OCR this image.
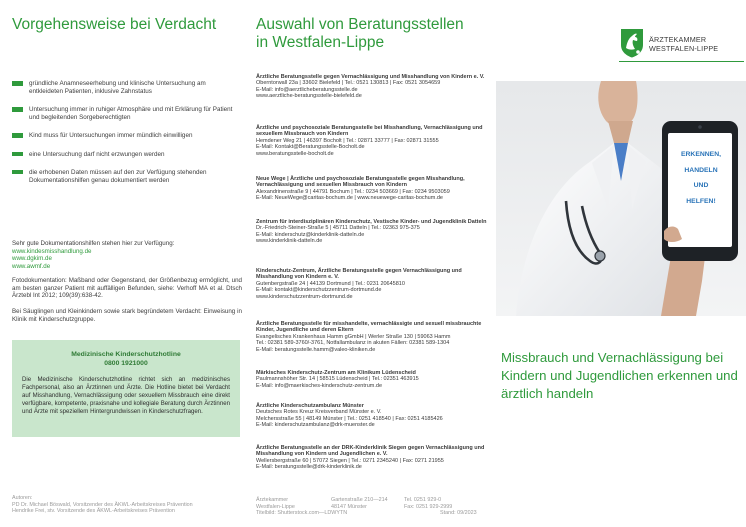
Vorgehensweise bei Verdacht
gründliche Anamneseerhebung und klinische Untersuchung am entkleideten Patienten, inklusive Zahnstatus
Untersuchung immer in ruhiger Atmosphäre und mit Erklärung für Patient und begleitenden Sorgeberechtigten
Kind muss für Untersuchungen immer mündlich einwilligen
eine Untersuchung darf nicht erzwungen werden
die erhobenen Daten müssen auf den zur Verfügung stehenden Dokumentationshilfen genau dokumentiert werden

Sehr gute Dokumentationshilfen stehen hier zur Verfügung:
www.kindesmisshandlung.de
www.dgkim.de
www.awmf.de

Fotodokumentation: Maßband oder Gegenstand, der Größenbezug ermöglicht, und am besten ganzer Patient mit auffälligen Befunden, siehe: Verhoff MA et al. Dtsch Ärztebl Int 2012; 109(39):638-42.

Bei Säuglingen und Kleinkindern sowie stark begründetem Verdacht: Einweisung in Klinik mit Kinderschutzgruppe.

Medizinische Kinderschutzhotline
0800 1921000
Die Medizinische Kinderschutzhotline richtet sich an medizinisches Fachpersonal, also an Ärztinnen und Ärzte. Die Hotline bietet bei Verdacht auf Misshandlung, Vernachlässigung oder sexuellem Missbrauch eine direkt verfügbare, kompetente, praxisnahe und kollegiale Beratung durch Ärztinnen und Ärzte mit speziellem Hintergrundwissen in Kinderschutzfragen.
Autoren:
PD Dr. Michael Böswald, Vorsitzender des ÄKWL-Arbeitskreises Prävention
Hendrike Frei, stv. Vorsitzende des ÄKWL-Arbeitskreises Prävention
Auswahl von Beratungsstellen
in Westfalen-Lippe
Ärztliche Beratungsstelle gegen Vernachlässigung und Misshandlung von Kindern e. V.
Oberntorwall 23a | 33602 Bielefeld | Tel.: 0521 130813 | Fax: 0521 3054659
E-Mail: info@aerztlicheberatungsstelle.de
www.aerztliche-beratungsstelle-bielefeld.de
Ärztliche und psychosoziale Beratungsstelle bei Misshandlung, Vernachlässigung und sexuellem Missbrauch von Kindern
Hemdener Weg 21 | 46397 Bocholt | Tel.: 02871 33777 | Fax: 02871 31555
E-Mail: Kontakt@Beratungsstelle-Bocholt.de
www.beratungsstelle-bocholt.de
Neue Wege | Ärztliche und psychosoziale Beratungsstelle gegen Misshandlung, Vernachlässigung und sexuellen Missbrauch von Kindern
Alexandrinenstraße 9 | 44791 Bochum | Tel.: 0234 503669 | Fax: 0234 9503059
E-Mail: NeueWege@caritas-bochum.de | www.neuewege-caritas-bochum.de
Zentrum für interdisziplinären Kinderschutz, Vestische Kinder- und Jugendklinik Datteln
Dr.-Friedrich-Steiner-Straße 5 | 45711 Datteln | Tel.: 02363 975-375
E-Mail: kinderschutz@kinderklinik-datteln.de
www.kinderklinik-datteln.de
Kinderschutz-Zentrum, Ärztliche Beratungsstelle gegen Vernachlässigung und Misshandlung von Kindern e. V.
Gutenbergstraße 24 | 44139 Dortmund | Tel.: 0231 20645810
E-Mail: kontakt@kinderschutzzentrum-dortmund.de
www.kinderschutzzentrum-dortmund.de
Ärztliche Beratungsstelle für misshandelte, vernachlässigte und sexuell missbrauchte Kinder, Jugendliche und deren Eltern
Evangelisches Krankenhaus Hamm gGmbH | Werler Straße 130 | 59063 Hamm
Tel.: 02381 589-3760/-3761, Notfallambulanz in akuten Fällen: 02381 589-1304
E-Mail: beratungsstelle.hamm@valeo-kliniken.de
Märkisches Kinderschutz-Zentrum am Klinikum Lüdenscheid
Paulmannshöher Str. 14 | 58515 Lüdenscheid | Tel.: 02351 463915
E-Mail: info@maerkisches-kinderschutz-zentrum.de
Ärztliche Kinderschutzambulanz Münster
Deutsches Rotes Kreuz Kreisverband Münster e. V.
Melchersstraße 55 | 48149 Münster | Tel.: 0251 418540 | Fax: 0251 4185426
E-Mail: kinderschutzambulanz@drk-muenster.de
Ärztliche Beratungsstelle an der DRK-Kinderklinik Siegen gegen Vernachlässigung und Misshandlung von Kindern und Jugendlichen e. V.
Wellersbergstraße 60 | 57072 Siegen | Tel.: 0271 2345240 | Fax: 0271 21955
E-Mail: beratungsstelle@drk-kinderklinik.de
Ärztekammer
Westfalen-Lippe
Titelbild: Shutterstock.com—LDWYTN
Gartenstraße 210—214
48147 Münster
Tel. 0251 929-0
Fax: 0251 929-2999
Stand: 09/2023
ÄRZTEKAMMER
WESTFALEN-LIPPE
ERKENNEN,
HANDELN
UND
HELFEN!

Missbrauch und Vernachlässigung bei Kindern und Jugendlichen erkennen und ärztlich handeln
